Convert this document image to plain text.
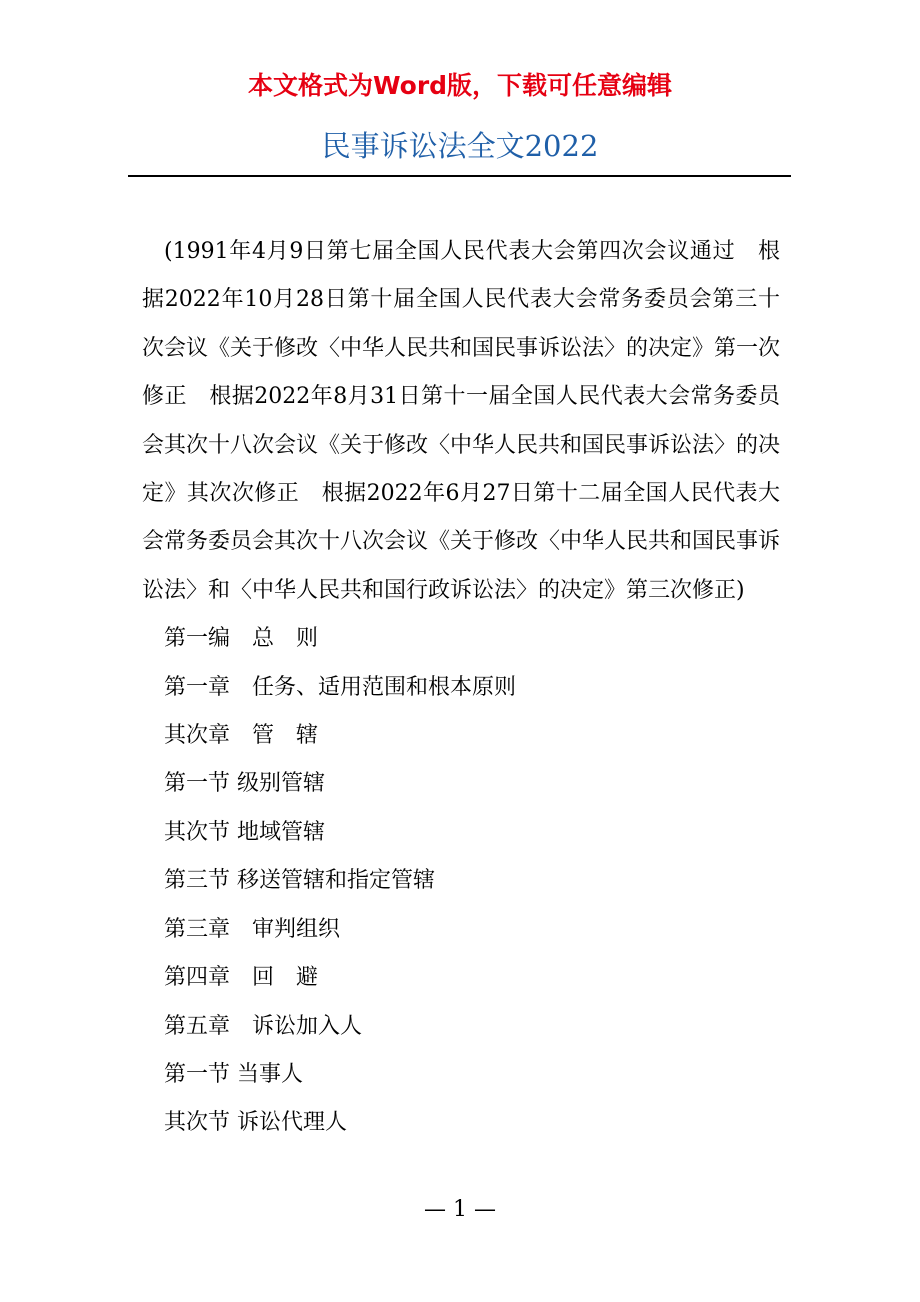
本文格式为Word版，下载可任意编辑
民事诉讼法全文2022

(1991年4月9日第七届全国人民代表大会第四次会议通过　根据2022年10月28日第十届全国人民代表大会常务委员会第三十次会议《关于修改〈中华人民共和国民事诉讼法〉的决定》第一次修正　根据2022年8月31日第十一届全国人民代表大会常务委员会其次十八次会议《关于修改〈中华人民共和国民事诉讼法〉的决定》其次次修正　根据2022年6月27日第十二届全国人民代表大会常务委员会其次十八次会议《关于修改〈中华人民共和国民事诉讼法〉和〈中华人民共和国行政诉讼法〉的决定》第三次修正)

第一编　总　则
第一章　任务、适用范围和根本原则
其次章　管　辖
第一节 级别管辖
其次节 地域管辖
第三节 移送管辖和指定管辖
第三章　审判组织
第四章　回　避
第五章　诉讼加入人
第一节 当事人
其次节 诉讼代理人
— 1 —
